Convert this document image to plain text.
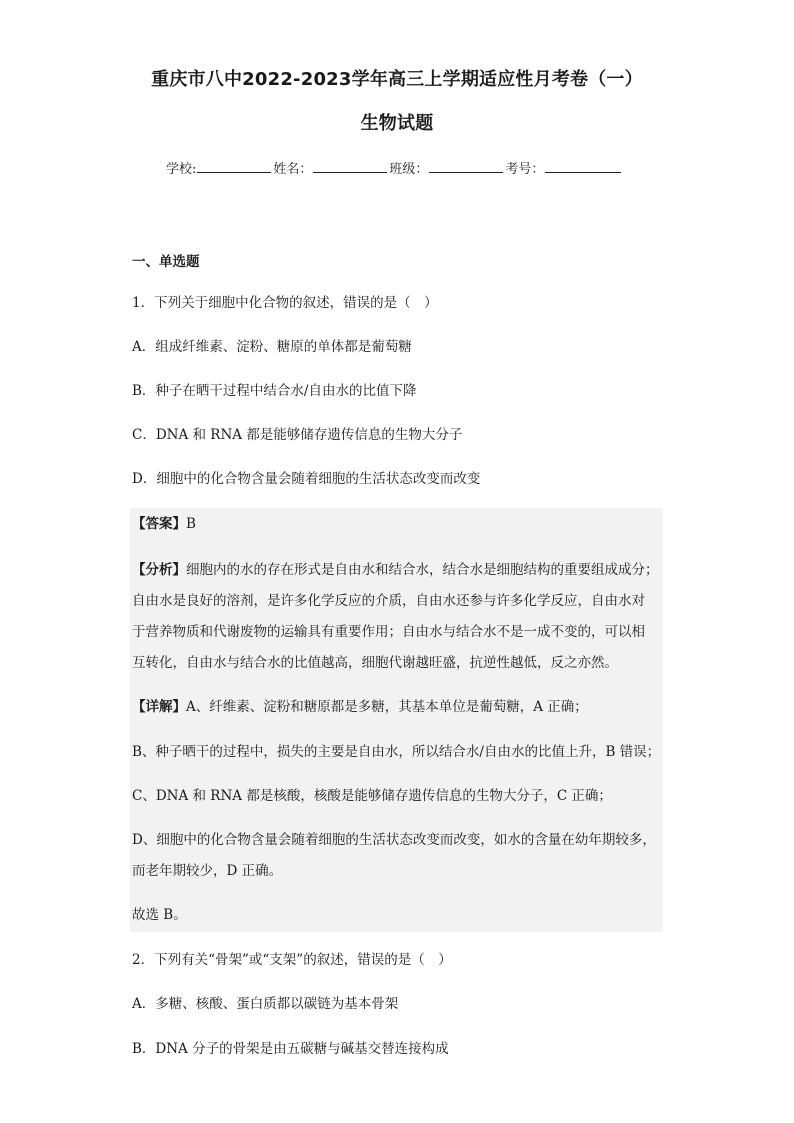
重庆市八中2022-2023学年高三上学期适应性月考卷（一）
生物试题
学校:	姓名：	班级：	考号：
一、单选题
1．下列关于细胞中化合物的叙述，错误的是（　）
A．组成纤维素、淀粉、糖原的单体都是葡萄糖
B．种子在晒干过程中结合水/自由水的比值下降
C．DNA 和 RNA 都是能够储存遗传信息的生物大分子
D．细胞中的化合物含量会随着细胞的生活状态改变而改变
【答案】B
【分析】细胞内的水的存在形式是自由水和结合水，结合水是细胞结构的重要组成成分；
自由水是良好的溶剂，是许多化学反应的介质，自由水还参与许多化学反应，自由水对
于营养物质和代谢废物的运输具有重要作用；自由水与结合水不是一成不变的，可以相
互转化，自由水与结合水的比值越高，细胞代谢越旺盛，抗逆性越低，反之亦然。
【详解】A、纤维素、淀粉和糖原都是多糖，其基本单位是葡萄糖，A 正确；
B、种子晒干的过程中，损失的主要是自由水，所以结合水/自由水的比值上升，B 错误；
C、DNA 和 RNA 都是核酸，核酸是能够储存遗传信息的生物大分子，C 正确；
D、细胞中的化合物含量会随着细胞的生活状态改变而改变，如水的含量在幼年期较多，
而老年期较少，D 正确。
故选 B。
2．下列有关“骨架”或“支架”的叙述，错误的是（　）
A．多糖、核酸、蛋白质都以碳链为基本骨架
B．DNA 分子的骨架是由五碳糖与碱基交替连接构成
